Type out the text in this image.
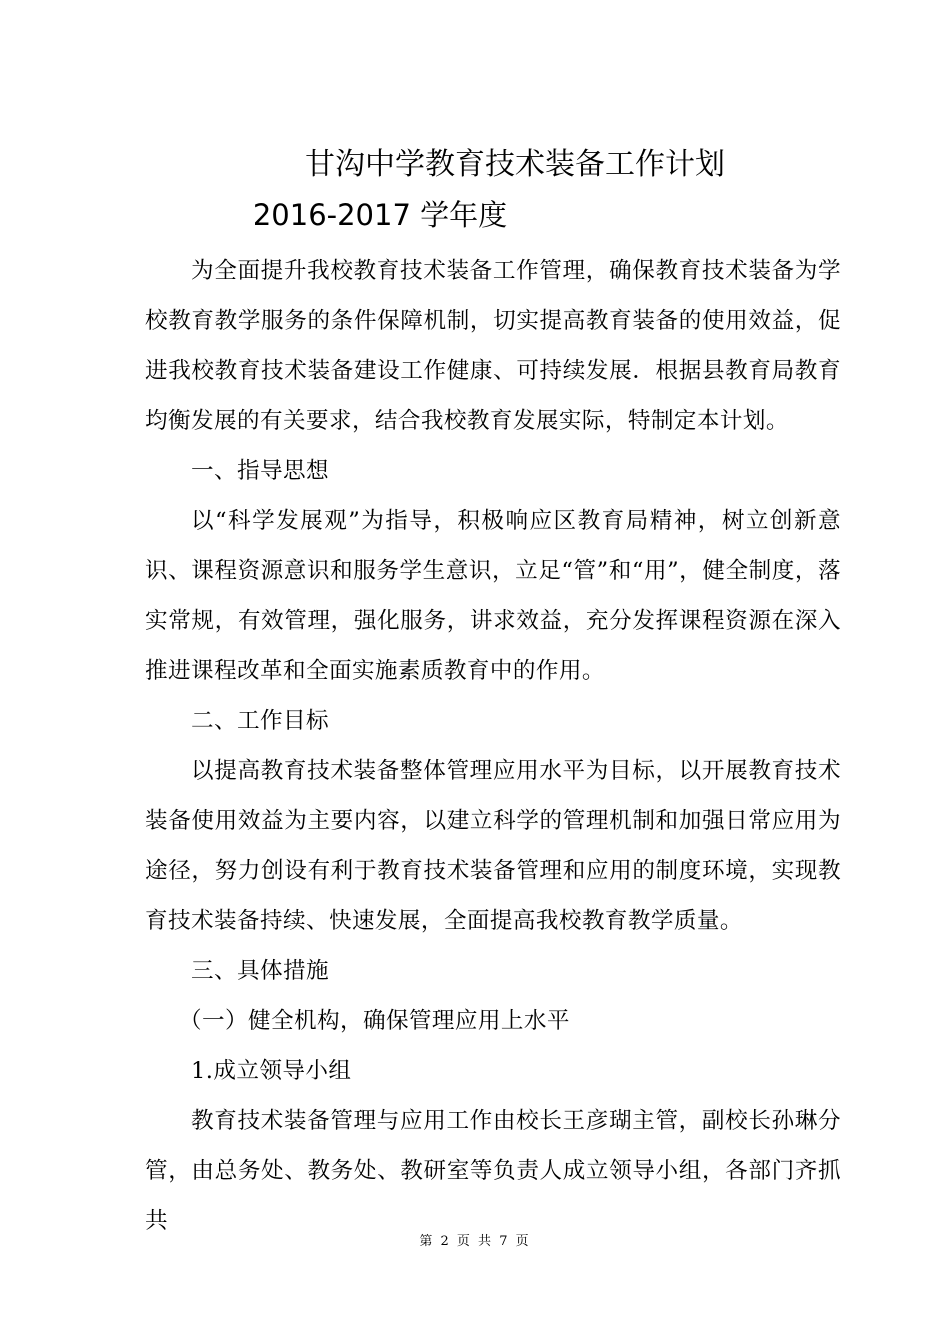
甘沟中学教育技术装备工作计划
2016-2017 学年度

为全面提升我校教育技术装备工作管理，确保教育技术装备为学校教育教学服务的条件保障机制，切实提高教育装备的使用效益，促进我校教育技术装备建设工作健康、可持续发展．根据县教育局教育均衡发展的有关要求，结合我校教育发展实际，特制定本计划。

一、指导思想

以“科学发展观”为指导，积极响应区教育局精神，树立创新意识、课程资源意识和服务学生意识，立足“管”和“用”，健全制度，落实常规，有效管理，强化服务，讲求效益，充分发挥课程资源在深入推进课程改革和全面实施素质教育中的作用。

二、工作目标

以提高教育技术装备整体管理应用水平为目标，以开展教育技术装备使用效益为主要内容，以建立科学的管理机制和加强日常应用为途径，努力创设有利于教育技术装备管理和应用的制度环境，实现教育技术装备持续、快速发展，全面提高我校教育教学质量。

三、具体措施

（一）健全机构，确保管理应用上水平

1.成立领导小组

教育技术装备管理与应用工作由校长王彦瑚主管，副校长孙琳分管，由总务处、教务处、教研室等负责人成立领导小组，各部门齐抓共

第 2 页 共 7 页
